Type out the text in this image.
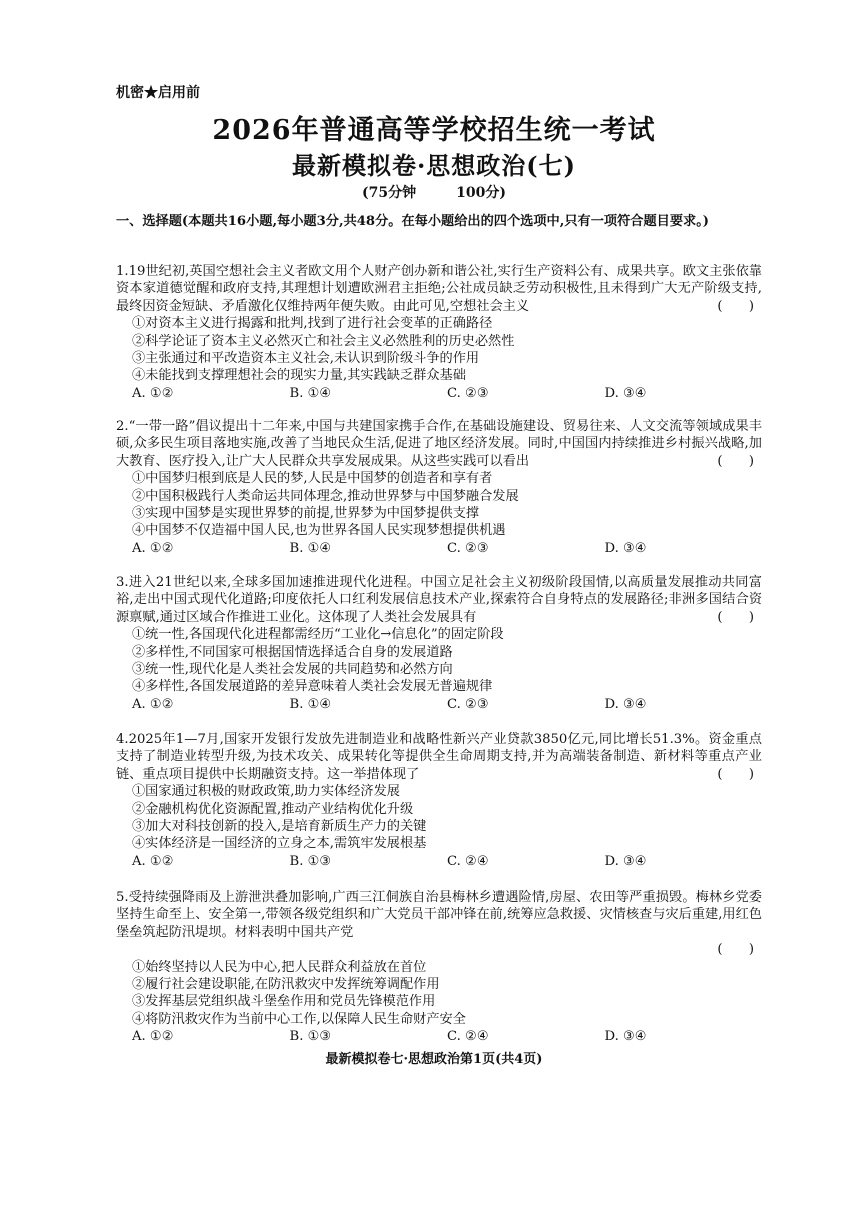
机密★启用前
2026年普通高等学校招生统一考试
最新模拟卷·思想政治(七)
(75分钟	100分)
一、选择题(本题共16小题,每小题3分,共48分。在每小题给出的四个选项中,只有一项符合题目要求。)
1.19世纪初,英国空想社会主义者欧文用个人财产创办新和谐公社,实行生产资料公有、成果共享。欧文主张依靠资本家道德觉醒和政府支持,其理想计划遭欧洲君主拒绝;公社成员缺乏劳动积极性,且未得到广大无产阶级支持,最终因资金短缺、矛盾激化仅维持两年便失败。由此可见,空想社会主义	(　　)
①对资本主义进行揭露和批判,找到了进行社会变革的正确路径
②科学论证了资本主义必然灭亡和社会主义必然胜利的历史必然性
③主张通过和平改造资本主义社会,未认识到阶级斗争的作用
④未能找到支撑理想社会的现实力量,其实践缺乏群众基础
A. ①②	B. ①④	C. ②③	D. ③④
2.“一带一路”倡议提出十二年来,中国与共建国家携手合作,在基础设施建设、贸易往来、人文交流等领域成果丰硕,众多民生项目落地实施,改善了当地民众生活,促进了地区经济发展。同时,中国国内持续推进乡村振兴战略,加大教育、医疗投入,让广大人民群众共享发展成果。从这些实践可以看出	(　　)
①中国梦归根到底是人民的梦,人民是中国梦的创造者和享有者
②中国积极践行人类命运共同体理念,推动世界梦与中国梦融合发展
③实现中国梦是实现世界梦的前提,世界梦为中国梦提供支撑
④中国梦不仅造福中国人民,也为世界各国人民实现梦想提供机遇
A. ①②	B. ①④	C. ②③	D. ③④
3.进入21世纪以来,全球多国加速推进现代化进程。中国立足社会主义初级阶段国情,以高质量发展推动共同富裕,走出中国式现代化道路;印度依托人口红利发展信息技术产业,探索符合自身特点的发展路径;非洲多国结合资源禀赋,通过区域合作推进工业化。这体现了人类社会发展具有	(　　)
①统一性,各国现代化进程都需经历“工业化→信息化”的固定阶段
②多样性,不同国家可根据国情选择适合自身的发展道路
③统一性,现代化是人类社会发展的共同趋势和必然方向
④多样性,各国发展道路的差异意味着人类社会发展无普遍规律
A. ①②	B. ①④	C. ②③	D. ③④
4.2025年1—7月,国家开发银行发放先进制造业和战略性新兴产业贷款3850亿元,同比增长51.3%。资金重点支持了制造业转型升级,为技术攻关、成果转化等提供全生命周期支持,并为高端装备制造、新材料等重点产业链、重点项目提供中长期融资支持。这一举措体现了	(　　)
①国家通过积极的财政政策,助力实体经济发展
②金融机构优化资源配置,推动产业结构优化升级
③加大对科技创新的投入,是培育新质生产力的关键
④实体经济是一国经济的立身之本,需筑牢发展根基
A. ①②	B. ①③	C. ②④	D. ③④
5.受持续强降雨及上游泄洪叠加影响,广西三江侗族自治县梅林乡遭遇险情,房屋、农田等严重损毁。梅林乡党委坚持生命至上、安全第一,带领各级党组织和广大党员干部冲锋在前,统筹应急救援、灾情核查与灾后重建,用红色堡垒筑起防汛堤坝。材料表明中国共产党
(　　)
①始终坚持以人民为中心,把人民群众利益放在首位
②履行社会建设职能,在防汛救灾中发挥统筹调配作用
③发挥基层党组织战斗堡垒作用和党员先锋模范作用
④将防汛救灾作为当前中心工作,以保障人民生命财产安全
A. ①②	B. ①③	C. ②④	D. ③④
最新模拟卷七·思想政治第1页(共4页)
